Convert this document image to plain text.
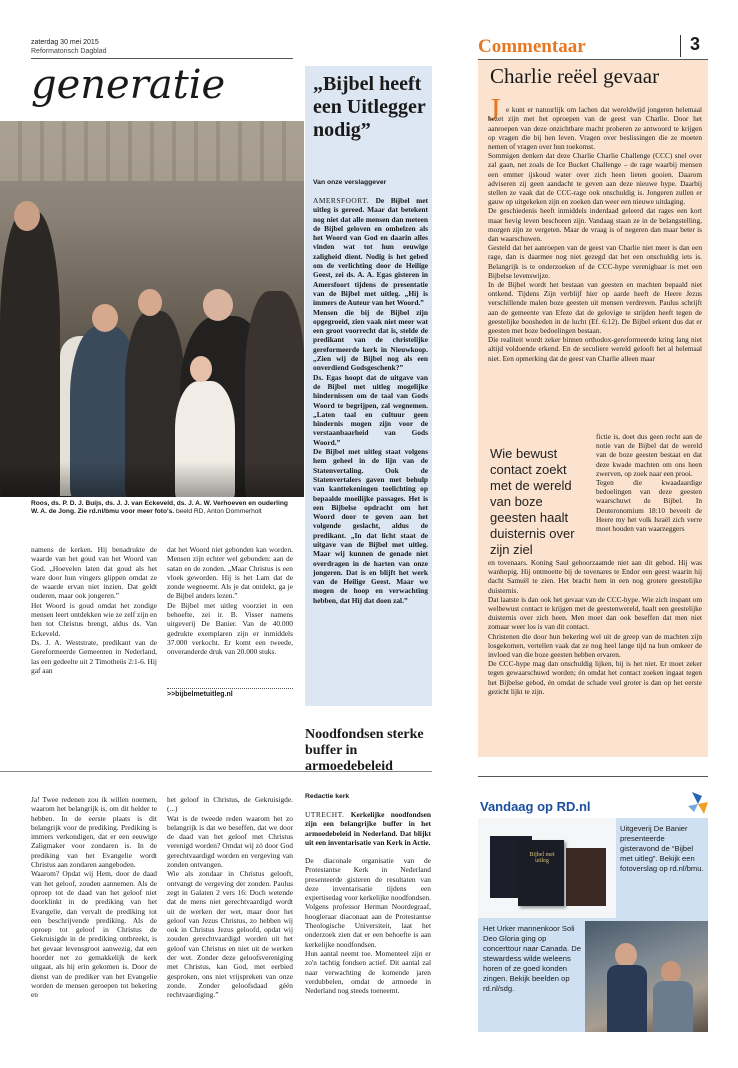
zaterdag 30 mei 2015
Reformatorisch Dagblad	Commentaar	3
generatie
Roos, ds. P. D. J. Buijs, ds. J. J. van Eckeveld, ds. J. A. W. Verhoeven en ouderling W. A. de Jong. Zie rd.nl/bmu voor meer foto's. beeld RD, Anton Dommerholt
namens de kerken. Hij benadrukte de waarde van het goud van het Woord van God. „Hoevelen laten dat goud als het ware door hun vingers glippen omdat ze de waarde ervan niet inzien. Dat geldt ouderen, maar ook jongeren.”
Het Woord is goud omdat het zondige mensen leert ontdekken wie ze zelf zijn en hen tot Christus brengt, aldus ds. Van Eckeveld.
Ds. J. A. Weststrate, predikant van de Gereformeerde Gemeenten in Nederland, las een gedeelte uit 2 Timotheüs 2:1-6. Hij gaf aan
dat het Woord niet gebonden kan worden. Mensen zijn echter wel gebonden: aan de satan en de zonden. „Maar Christus is een vloek geworden. Hij is het Lam dat de zonde wegneemt. Als je dat ontdekt, ga je de Bijbel anders lezen.”
De Bijbel met uitleg voorziet in een behoefte, zei ir. B. Visser namens uitgeverij De Banier. Van de 40.000 gedrukte exemplaren zijn er inmiddels 37.000 verkocht. Er komt een tweede, onveranderde druk van 20.000 stuks.
>>bijbelmetuitleg.nl
„Bijbel heeft een Uitlegger nodig”
Van onze verslaggever
AMERSFOORT. De Bijbel met uitleg is gereed. Maar dat betekent nog niet dat alle mensen dan meteen de Bijbel geloven en omhelzen als het Woord van God en daarin alles vinden wat tot hun eeuwige zaligheid dient. Nodig is het gebed om de verlichting door de Heilige Geest, zei ds. A. A. Egas gisteren in Amersfoort tijdens de presentatie van de Bijbel met uitleg. „Hij is immers de Auteur van het Woord.”
Mensen die bij de Bijbel zijn opgegroeid, zien vaak niet meer wat een groot voorrecht dat is, stelde de predikant van de christelijke gereformeerde kerk in Nieuwkoop. „Zien wij de Bijbel nog als een onverdiend Godsgeschenk?”
Ds. Egas hoopt dat de uitgave van de Bijbel met uitleg mogelijke hindernissen om de taal van Gods Woord te begrijpen, zal wegnemen. „Laten taal en cultuur geen hindernis mogen zijn voor de verstaanbaarheid van Gods Woord.”
De Bijbel met uitleg staat volgens hem geheel in de lijn van de Statenvertaling. Ook de Statenvertalers gaven met behulp van kanttekeningen toelichting op bepaalde moeilijke passages. Het is een Bijbelse opdracht om het Woord door te geven aan het volgende geslacht, aldus de predikant. „In dat licht staat de uitgave van de Bijbel met uitleg. Maar wij kunnen de genade niet overdragen in de harten van onze jongeren. Dat is en blijft het werk van de Heilige Geest. Maar we mogen de hoop en verwachting hebben, dat Hij dat doen zal.”
Ja! Twee redenen zou ik willen noemen, waarom het belangrijk is, om dit helder te hebben. In de eerste plaats is dit belangrijk voor de prediking. Prediking is immers verkondigen, dat er een eeuwige Zaligmaker voor zondaren is. In de prediking van het Evangelie wordt Christus aan zondaren aangeboden.
Waarom? Opdat wij Hem, door de daad van het geloof, zouden aannemen. Als de oproep tot de daad van het geloof niet doorklinkt in de prediking van het Evangelie, dan vervalt de prediking tot een beschrijvende prediking. Als de oproep tot geloof in Christus de Gekruisigde in de prediking ontbreekt, is het gevaar levensgroot aanwezig, dat een hoorder net zo gemakkelijk de kerk uitgaat, als hij erin gekomen is. Door de dienst van de prediker van het Evangelie worden de mensen geroepen tot bekering en
het geloof in Christus, de Gekruisigde. (...)
Wat is de tweede reden waarom het zo belangrijk is dat we beseffen, dat we door de daad van het geloof met Christus verenigd worden? Omdat wij zó door God gerechtvaardigd worden en vergeving van zonden ontvangen.
Wie als zondaar in Christus gelooft, ontvangt de vergeving der zonden. Paulus zegt in Galaten 2 vers 16: Doch wetende dat de mens niet gerechtvaardigd wordt uit de werken der wet, maar door het geloof van Jezus Christus, zo hebben wij ook in Christus Jezus geloofd, opdat wij zouden gerechtvaardigd worden uit het geloof van Christus en niet uit de werken der wet. Zonder deze geloofsvereniging met Christus, kan God, met eerbied gesproken, ons niet vrijspreken van onze zonde. Zonder geloofsdaad géén rechtvaardiging.”
Noodfondsen sterke buffer in armoedebeleid
Redactie kerk
UTRECHT. Kerkelijke noodfondsen zijn een belangrijke buffer in het armoedebeleid in Nederland. Dat blijkt uit een inventarisatie van Kerk in Actie.
De diaconale organisatie van de Protestantse Kerk in Nederland presenteerde gisteren de resultaten van deze inventarisatie tijdens een expertisedag voor kerkelijke noodfondsen.
Volgens professor Herman Noordegraaf, hoogleraar diaconaat aan de Protestantse Theologische Universiteit, laat het onderzoek zien dat er een behoefte is aan kerkelijke noodfondsen.
Hun aantal neemt toe. Momenteel zijn er zo'n tachtig fondsen actief. Dit aantal zal naar verwachting de komende jaren verdubbelen, omdat de armoede in Nederland nog steeds toeneemt.
Charlie reëel gevaar
J e kunt er natuurlijk om lachen dat wereldwijd jongeren helemaal bezet zijn met het oproepen van de geest van Charlie. Door het aanroepen van deze onzichtbare macht proberen ze antwoord te krijgen op vragen die bij hen leven. Vragen over beslissingen die ze moeten nemen of vragen over hun toekomst.
Sommigen denken dat deze Charlie Charlie Challenge (CCC) snel over zal gaan, net zoals de Ice Bucket Challenge – de rage waarbij mensen een emmer ijskoud water over zich heen lieten gooien. Daarom adviseren zij geen aandacht te geven aan deze nieuwe hype. Daarbij stellen ze vaak dat de CCC-rage ook onschuldig is. Jongeren zullen er gauw op uitgekeken zijn en zoeken dan weer een nieuwe uitdaging.
De geschiedenis heeft inmiddels inderdaad geleerd dat rages een kort maar hevig leven beschoren zijn. Vandaag staan ze in de belangstelling, morgen zijn ze vergeten. Maar de vraag is of negeren dan maar beter is dan waarschuwen.
Gesteld dat het aanroepen van de geest van Charlie niet meer is dan een rage, dan is daarmee nog niet gezegd dat het een onschuldig iets is. Belangrijk is te onderzoeken of de CCC-hype verenigbaar is met een Bijbelse levenswijze.
In de Bijbel wordt het bestaan van geesten en machten bepaald niet ontkend. Tijdens Zijn verblijf hier op aarde heeft de Heere Jezus verschillende malen boze geesten uit mensen verdreven. Paulus schrijft aan de gemeente van Efeze dat de gelovige te strijden heeft tegen de geestelijke boosheden in de lucht (Ef. 6:12). De Bijbel erkent dus dat er geesten met boze bedoelingen bestaan.
Die realiteit wordt zeker binnen orthodox-gereformeerde kring lang niet altijd voldoende erkend. En de seculiere wereld gelooft het al helemaal niet. Een opmerking dat de geest van Charlie alleen maar

Wie bewust contact zoekt met de wereld van boze geesten haalt duisternis over zijn ziel
fictie is, doet dus geen recht aan de notie van de Bijbel dat de wereld van de boze geesten bestaat en dat deze kwade machten om ons heen zwerven, op zoek naar een prooi.
Tegen die kwaadaardige bedoelingen van deze geesten waarschuwt de Bijbel. In Deuteronomium 18:10 beveelt de Heere my het volk Israël zich verre moet houden van waarzeggers
en tovenaars. Koning Saul gehoorzaamde niet aan dit gebod. Hij was wanhopig. Hij ontmoette bij de tovenares te Endor een geest waarin hij dacht Samuël te zien. Het bracht hem in een nog grotere geestelijke duisternis.
Dat laatste is dan ook het gevaar van de CCC-hype. Wie zich inspant om welbewust contact te krijgen met de geestenwereld, haalt een geestelijke duisternis over zich heen. Men moet dan ook beseffen dat men niet zomaar weer los is van dit contact.
Christenen die door hun bekering wel uit de greep van de machten zijn losgekomen, vertellen vaak dat ze nog heel lange tijd na hun omkeer de invloed van die boze geesten hebben ervaren.
De CCC-hype mag dan onschuldig lijken, hij is het niet. Er moet zeker tegen gewaarschuwd worden; én omdat het contact zoeken ingaat tegen het Bijbelse gebod, én omdat de schade veel groter is dan op het eerste gezicht lijkt te zijn.
Vandaag op RD.nl
Bijbel met uitleg
Uitgeverij De Banier presenteerde gisteravond de “Bijbel met uitleg”. Bekijk een fotoverslag op rd.nl/bmu.
Het Urker mannenkoor Soli Deo Gloria ging op concerttour naar Canada. De stewardess wilde weleens horen of ze goed konden zingen. Bekijk beelden op rd.nl/sdg.
